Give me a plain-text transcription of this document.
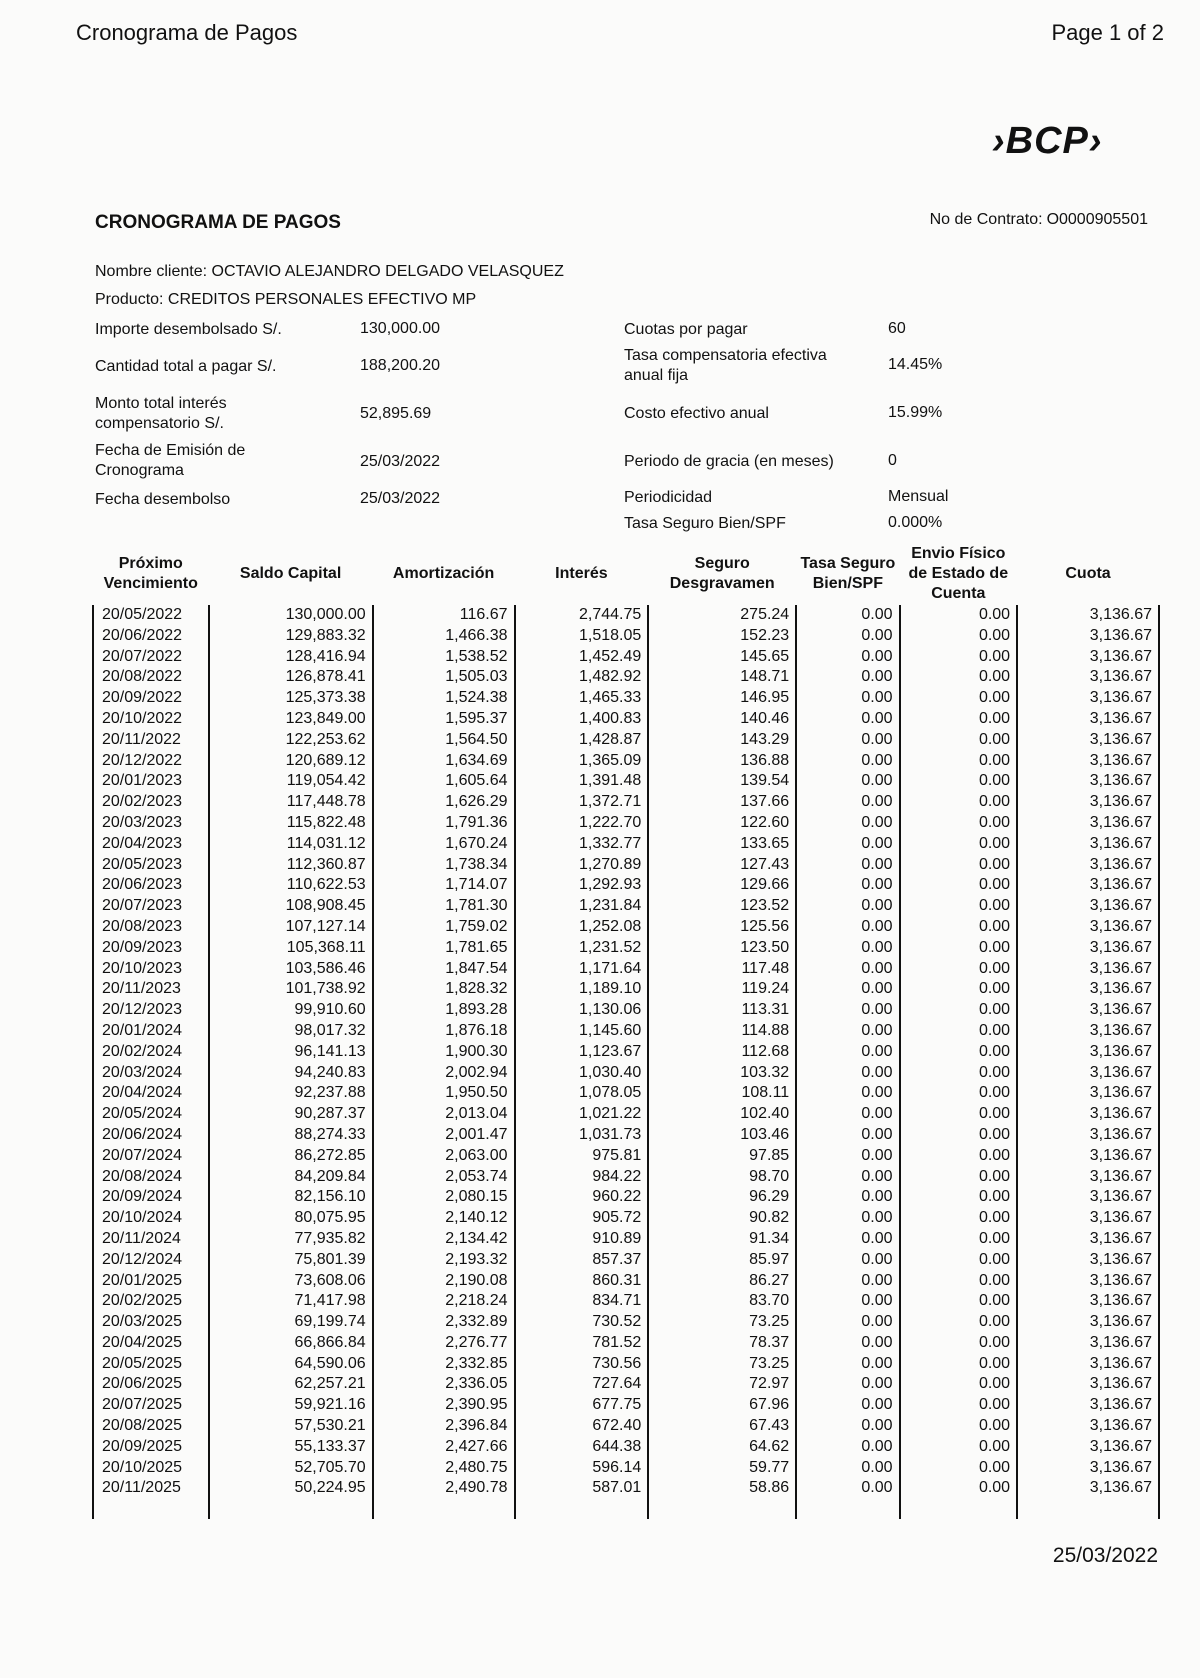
Cronograma de Pagos	Page 1 of 2
›BCP›
CRONOGRAMA DE PAGOS	No de Contrato: O0000905501
Nombre cliente: OCTAVIO ALEJANDRO DELGADO VELASQUEZ
Producto: CREDITOS PERSONALES EFECTIVO MP
Importe desembolsado S/.	130,000.00
Cantidad total a pagar S/.	188,200.20
Monto total interés compensatorio S/.
52,895.69
Fecha de Emisión de Cronograma
25/03/2022
Fecha desembolso	25/03/2022
Cuotas por pagar	60
Tasa compensatoria efectiva anual fija
14.45%
Costo efectivo anual	15.99%
Periodo de gracia (en meses)	0
Periodicidad	Mensual
Tasa Seguro Bien/SPF	0.000%
Próximo Vencimiento	Saldo Capital	Amortización	Interés	Seguro Desgravamen	Tasa Seguro Bien/SPF	Envio Físico de Estado de Cuenta	Cuota
20/05/2022	130,000.00	116.67	2,744.75	275.24	0.00	0.00	3,136.67
20/06/2022	129,883.32	1,466.38	1,518.05	152.23	0.00	0.00	3,136.67
20/07/2022	128,416.94	1,538.52	1,452.49	145.65	0.00	0.00	3,136.67
20/08/2022	126,878.41	1,505.03	1,482.92	148.71	0.00	0.00	3,136.67
20/09/2022	125,373.38	1,524.38	1,465.33	146.95	0.00	0.00	3,136.67
20/10/2022	123,849.00	1,595.37	1,400.83	140.46	0.00	0.00	3,136.67
20/11/2022	122,253.62	1,564.50	1,428.87	143.29	0.00	0.00	3,136.67
20/12/2022	120,689.12	1,634.69	1,365.09	136.88	0.00	0.00	3,136.67
20/01/2023	119,054.42	1,605.64	1,391.48	139.54	0.00	0.00	3,136.67
20/02/2023	117,448.78	1,626.29	1,372.71	137.66	0.00	0.00	3,136.67
20/03/2023	115,822.48	1,791.36	1,222.70	122.60	0.00	0.00	3,136.67
20/04/2023	114,031.12	1,670.24	1,332.77	133.65	0.00	0.00	3,136.67
20/05/2023	112,360.87	1,738.34	1,270.89	127.43	0.00	0.00	3,136.67
20/06/2023	110,622.53	1,714.07	1,292.93	129.66	0.00	0.00	3,136.67
20/07/2023	108,908.45	1,781.30	1,231.84	123.52	0.00	0.00	3,136.67
20/08/2023	107,127.14	1,759.02	1,252.08	125.56	0.00	0.00	3,136.67
20/09/2023	105,368.11	1,781.65	1,231.52	123.50	0.00	0.00	3,136.67
20/10/2023	103,586.46	1,847.54	1,171.64	117.48	0.00	0.00	3,136.67
20/11/2023	101,738.92	1,828.32	1,189.10	119.24	0.00	0.00	3,136.67
20/12/2023	99,910.60	1,893.28	1,130.06	113.31	0.00	0.00	3,136.67
20/01/2024	98,017.32	1,876.18	1,145.60	114.88	0.00	0.00	3,136.67
20/02/2024	96,141.13	1,900.30	1,123.67	112.68	0.00	0.00	3,136.67
20/03/2024	94,240.83	2,002.94	1,030.40	103.32	0.00	0.00	3,136.67
20/04/2024	92,237.88	1,950.50	1,078.05	108.11	0.00	0.00	3,136.67
20/05/2024	90,287.37	2,013.04	1,021.22	102.40	0.00	0.00	3,136.67
20/06/2024	88,274.33	2,001.47	1,031.73	103.46	0.00	0.00	3,136.67
20/07/2024	86,272.85	2,063.00	975.81	97.85	0.00	0.00	3,136.67
20/08/2024	84,209.84	2,053.74	984.22	98.70	0.00	0.00	3,136.67
20/09/2024	82,156.10	2,080.15	960.22	96.29	0.00	0.00	3,136.67
20/10/2024	80,075.95	2,140.12	905.72	90.82	0.00	0.00	3,136.67
20/11/2024	77,935.82	2,134.42	910.89	91.34	0.00	0.00	3,136.67
20/12/2024	75,801.39	2,193.32	857.37	85.97	0.00	0.00	3,136.67
20/01/2025	73,608.06	2,190.08	860.31	86.27	0.00	0.00	3,136.67
20/02/2025	71,417.98	2,218.24	834.71	83.70	0.00	0.00	3,136.67
20/03/2025	69,199.74	2,332.89	730.52	73.25	0.00	0.00	3,136.67
20/04/2025	66,866.84	2,276.77	781.52	78.37	0.00	0.00	3,136.67
20/05/2025	64,590.06	2,332.85	730.56	73.25	0.00	0.00	3,136.67
20/06/2025	62,257.21	2,336.05	727.64	72.97	0.00	0.00	3,136.67
20/07/2025	59,921.16	2,390.95	677.75	67.96	0.00	0.00	3,136.67
20/08/2025	57,530.21	2,396.84	672.40	67.43	0.00	0.00	3,136.67
20/09/2025	55,133.37	2,427.66	644.38	64.62	0.00	0.00	3,136.67
20/10/2025	52,705.70	2,480.75	596.14	59.77	0.00	0.00	3,136.67
20/11/2025	50,224.95	2,490.78	587.01	58.86	0.00	0.00	3,136.67

25/03/2022
